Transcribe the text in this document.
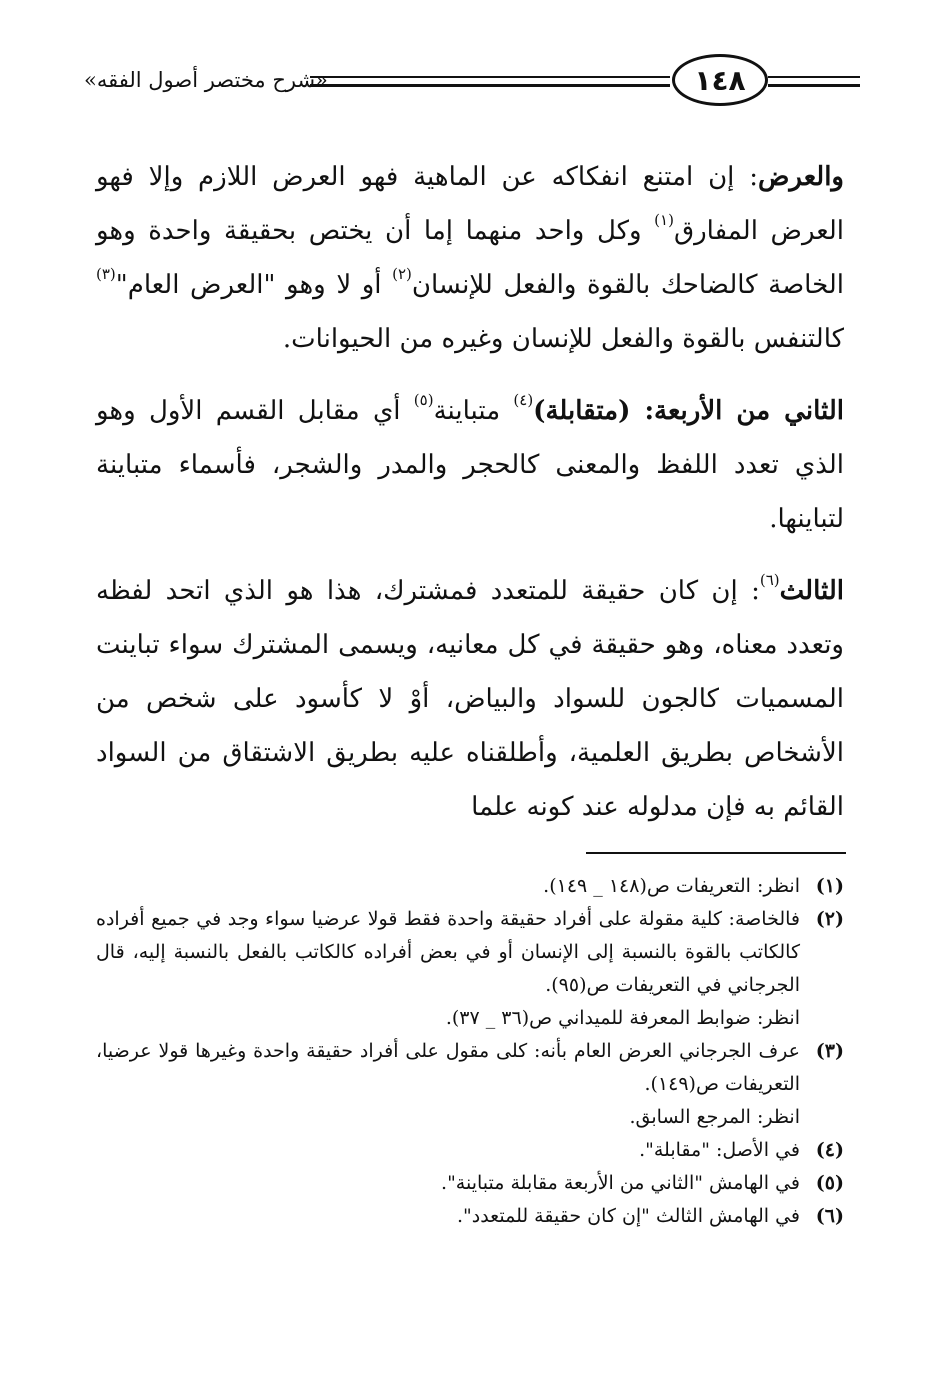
«شرح مختصر أصول الفقه»	١٤٨

والعرض: إن امتنع انفكاكه عن الماهية فهو العرض اللازم وإلا فهو العرض المفارق$^{(١)}$ وكل واحد منهما إما أن يختص بحقيقة واحدة وهو الخاصة كالضاحك بالقوة والفعل للإنسان$^{(٢)}$ أو لا وهو "العرض العام"$^{(٣)}$ كالتنفس بالقوة والفعل للإنسان وغيره من الحيوانات.

الثاني من الأربعة: (متقابلة)$^{(٤)}$ متباينة$^{(٥)}$ أي مقابل القسم الأول وهو الذي تعدد اللفظ والمعنى كالحجر والمدر والشجر، فأسماء متباينة لتباينها.

الثالث$^{(٦)}$: إن كان حقيقة للمتعدد فمشترك، هذا هو الذي اتحد لفظه وتعدد معناه، وهو حقيقة في كل معانيه، ويسمى المشترك سواء تباينت المسميات كالجون للسواد والبياض، أوْ لا كأسود على شخص من الأشخاص بطريق العلمية، وأطلقناه عليه بطريق الاشتقاق من السواد القائم به فإن مدلوله عند كونه علما

(١)
انظر: التعريفات ص(١٤٨ _ ١٤٩).
(٢)
فالخاصة: كلية مقولة على أفراد حقيقة واحدة فقط قولا عرضيا سواء وجد في جميع أفراده كالكاتب بالقوة بالنسبة إلى الإنسان أو في بعض أفراده كالكاتب بالفعل بالنسبة إليه، قال الجرجاني في التعريفات ص(٩٥).
انظر: ضوابط المعرفة للميداني ص(٣٦ _ ٣٧).
(٣)
عرف الجرجاني العرض العام بأنه: كلى مقول على أفراد حقيقة واحدة وغيرها قولا عرضيا، التعريفات ص(١٤٩).
انظر: المرجع السابق.
(٤)
في الأصل: "مقابلة".
(٥)
في الهامش "الثاني من الأربعة مقابلة متباينة".
(٦)
في الهامش الثالث "إن كان حقيقة للمتعدد".
